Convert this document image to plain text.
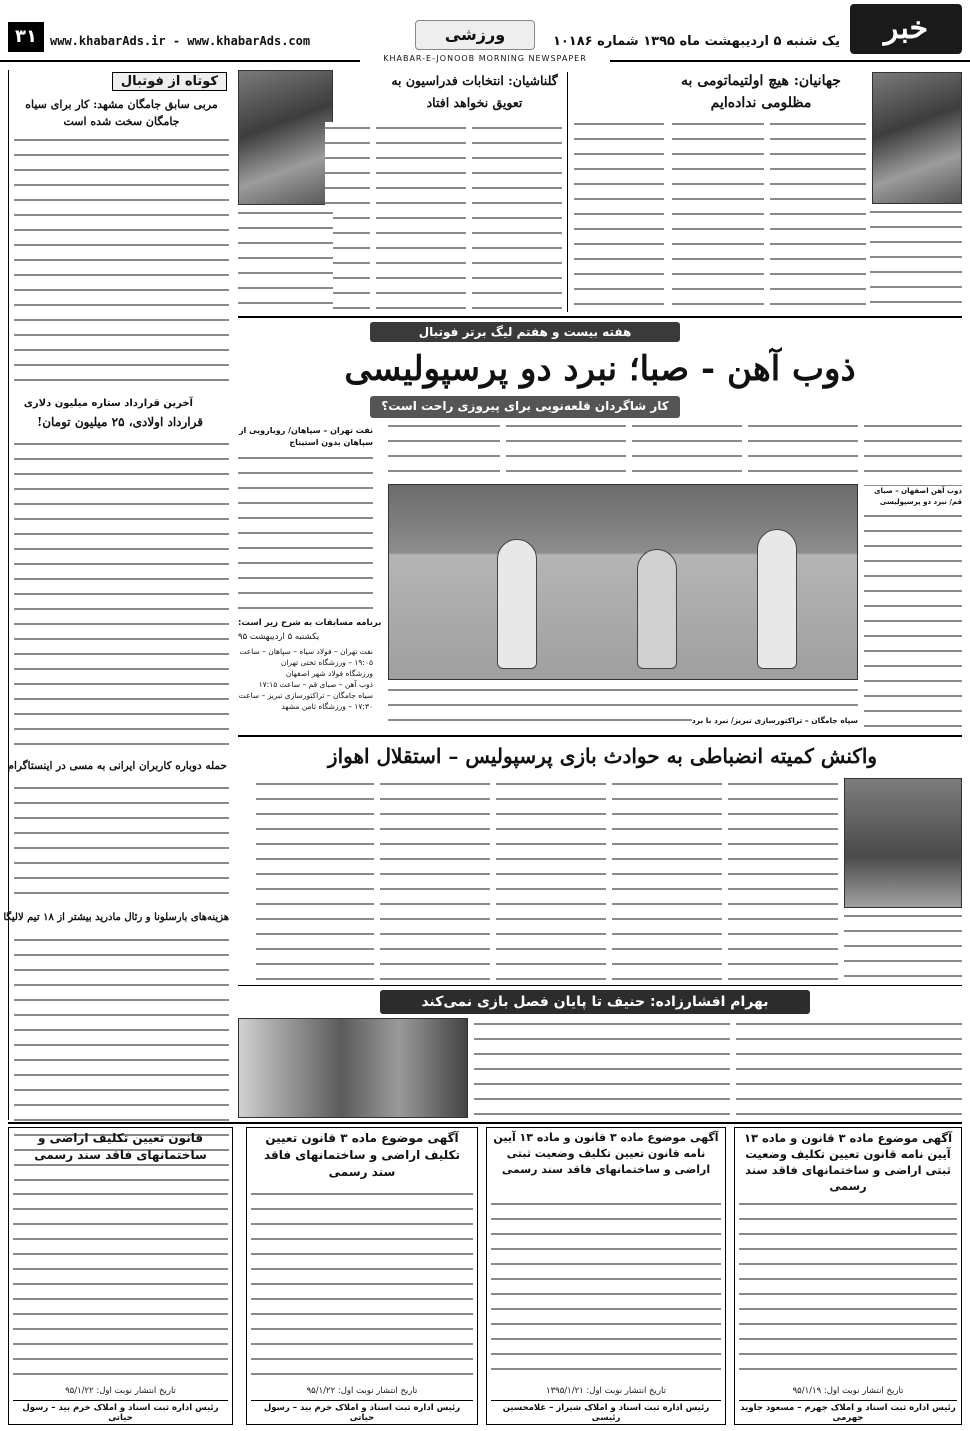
خبر
یک شنبه ۵ اردیبهشت ماه ۱۳۹۵ شماره ۱۰۱۸۶
ورزشی
www.khabarAds.ir - www.khabarAds.com
۳۱
KHABAR-E-JONOOB MORNING NEWSPAPER
کوتاه از فوتبال
مربی سابق جامگان مشهد: کار برای سیاه جامگان سخت شده است
آخرین قرارداد ستاره میلیون دلاری
قرارداد اولادی، ۲۵ میلیون تومان!
حمله دوباره کاربران ایرانی به مسی در اینستاگرام
هزینه‌های بارسلونا و رئال مادرید بیشتر از ۱۸ تیم لالیگا
جهانیان: هیچ اولتیماتومی به مظلومی نداده‌ایم
گلناشیان: انتخابات فدراسیون به تعویق نخواهد افتاد
هفته بیست و هفتم لیگ برتر فوتبال
ذوب آهن - صبا؛ نبرد دو پرسپولیسی
کار شاگردان قلعه‌نویی برای پیروزی راحت است؟
ذوب آهن اصفهان – صبای قم/ نبرد دو پرسپولیسی
سپاه جامگان – تراکتورسازی تبریز/ نبرد با برد
نفت تهران – سپاهان/ رویارویی از سپاهان بدون استیناج
برنامه مسابقات به شرح زیر است:
یکشنبه ۵ اردیبهشت ۹۵
نفت تهران – فولاد سیاه – سپاهان – ساعت ۱۹:۰۵ – ورزشگاه تختی تهران
ورزشگاه فولاد شهر اصفهان
ذوب آهن – صبای قم – ساعت ۱۷:۱۵
سیاه جامگان – تراکتورسازی تبریز – ساعت ۱۷:۳۰ – ورزشگاه ثامن مشهد
واکنش کمیته انضباطی به حوادث بازی پرسپولیس – استقلال اهواز
بهرام افشارزاده: حنیف تا پایان فصل بازی نمی‌کند
آگهی موضوع ماده ۳ قانون و ماده ۱۳ آیین نامه قانون تعیین تکلیف وضعیت ثبتی اراضی و ساختمانهای فاقد سند رسمی
تاریخ انتشار نوبت اول: ۹۵/۱/۱۹
رئیس اداره ثبت اسناد و املاک جهرم – مسعود جاوید جهرمی
آگهی موضوع ماده ۳ قانون و ماده ۱۳ آیین نامه قانون تعیین تکلیف وضعیت ثبتی اراضی و ساختمانهای فاقد سند رسمی
تاریخ انتشار نوبت اول: ۱۳۹۵/۱/۲۱
رئیس اداره ثبت اسناد و املاک شیراز – غلامحسین رئیسی
آگهی موضوع ماده ۳ قانون تعیین تکلیف اراضی و ساختمانهای فاقد سند رسمی
تاریخ انتشار نوبت اول: ۹۵/۱/۲۲
رئیس اداره ثبت اسناد و املاک خرم بید – رسول حیاتی
قانون تعیین تکلیف اراضی و ساختمانهای فاقد سند رسمی
تاریخ انتشار نوبت اول: ۹۵/۱/۲۲
رئیس اداره ثبت اسناد و املاک خرم بید – رسول حیاتی
